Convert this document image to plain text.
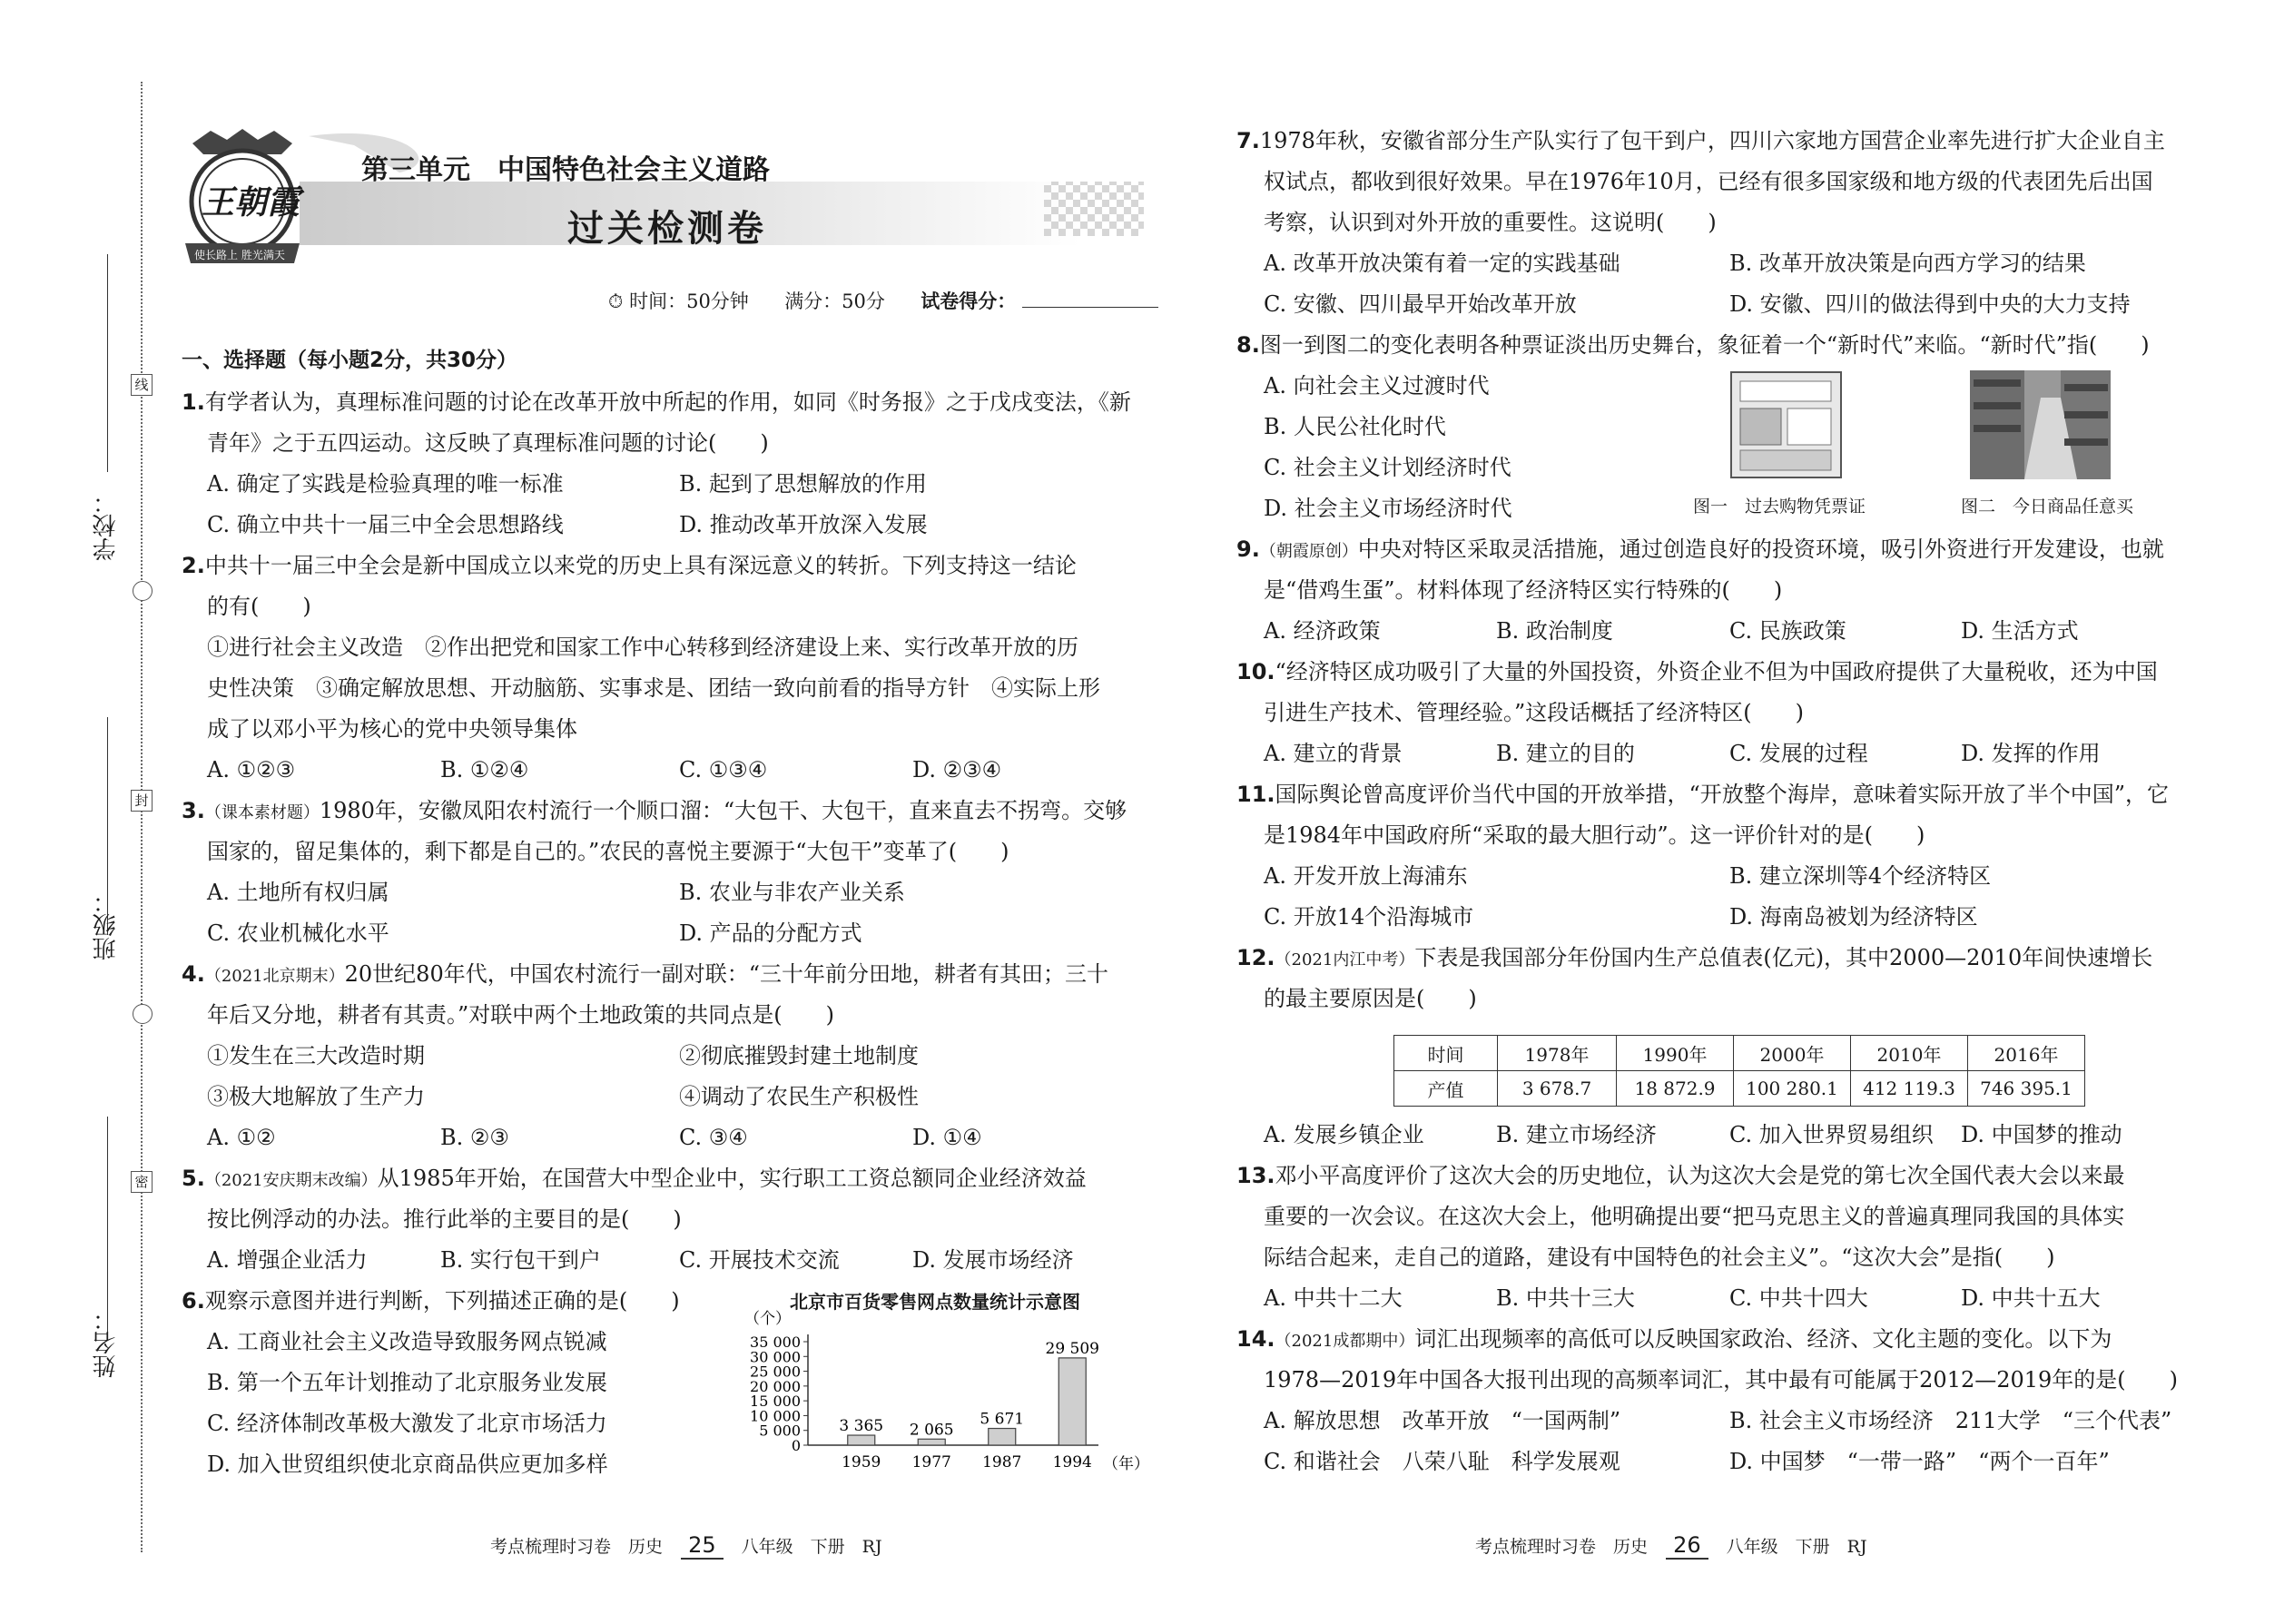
学校：
班级：
姓名：
线
封
密
王朝霞
使长路上 胜光满天
第三单元　中国特色社会主义道路
过关检测卷
⏱ 时间：50分钟 满分：50分 试卷得分：
一、选择题（每小题2分，共30分）
1.有学者认为，真理标准问题的讨论在改革开放中所起的作用，如同《时务报》之于戊戌变法，《新
青年》之于五四运动。这反映了真理标准问题的讨论(　　)
A. 确定了实践是检验真理的唯一标准	B. 起到了思想解放的作用
C. 确立中共十一届三中全会思想路线	D. 推动改革开放深入发展
2.中共十一届三中全会是新中国成立以来党的历史上具有深远意义的转折。下列支持这一结论
的有(　　)
①进行社会主义改造　②作出把党和国家工作中心转移到经济建设上来、实行改革开放的历
史性决策　③确定解放思想、开动脑筋、实事求是、团结一致向前看的指导方针　④实际上形
成了以邓小平为核心的党中央领导集体
A. ①②③	B. ①②④	C. ①③④	D. ②③④
3.（课本素材题）1980年，安徽凤阳农村流行一个顺口溜：“大包干、大包干，直来直去不拐弯。交够
国家的，留足集体的，剩下都是自己的。”农民的喜悦主要源于“大包干”变革了(　　)
A. 土地所有权归属	B. 农业与非农产业关系
C. 农业机械化水平	D. 产品的分配方式
4.（2021北京期末）20世纪80年代，中国农村流行一副对联：“三十年前分田地，耕者有其田；三十
年后又分地，耕者有其责。”对联中两个土地政策的共同点是(　　)
①发生在三大改造时期	②彻底摧毁封建土地制度
③极大地解放了生产力	④调动了农民生产积极性
A. ①②	B. ②③	C. ③④	D. ①④
5.（2021安庆期末改编）从1985年开始，在国营大中型企业中，实行职工工资总额同企业经济效益
按比例浮动的办法。推行此举的主要目的是(　　)
A. 增强企业活力	B. 实行包干到户	C. 开展技术交流	D. 发展市场经济
6.观察示意图并进行判断，下列描述正确的是(　　)
A. 工商业社会主义改造导致服务网点锐减
B. 第一个五年计划推动了北京服务业发展
C. 经济体制改革极大激发了北京市场活力
D. 加入世贸组织使北京商品供应更加多样
北京市百货零售网点数量统计示意图
（个）
（年）
35 000
30 000
25 000
20 000
15 000
10 000
5 000
0
3 365
1959
2 065
1977
5 671
1987
29 509
1994
7.1978年秋，安徽省部分生产队实行了包干到户，四川六家地方国营企业率先进行扩大企业自主
权试点，都收到很好效果。早在1976年10月，已经有很多国家级和地方级的代表团先后出国
考察，认识到对外开放的重要性。这说明(　　)
A. 改革开放决策有着一定的实践基础	B. 改革开放决策是向西方学习的结果
C. 安徽、四川最早开始改革开放	D. 安徽、四川的做法得到中央的大力支持
8.图一到图二的变化表明各种票证淡出历史舞台，象征着一个“新时代”来临。“新时代”指(　　)
A. 向社会主义过渡时代
B. 人民公社化时代
C. 社会主义计划经济时代
D. 社会主义市场经济时代	图一　过去购物凭票证	图二　今日商品任意买
9.（朝霞原创）中央对特区采取灵活措施，通过创造良好的投资环境，吸引外资进行开发建设，也就
是“借鸡生蛋”。材料体现了经济特区实行特殊的(　　)
A. 经济政策	B. 政治制度	C. 民族政策	D. 生活方式
10.“经济特区成功吸引了大量的外国投资，外资企业不但为中国政府提供了大量税收，还为中国
引进生产技术、管理经验。”这段话概括了经济特区(　　)
A. 建立的背景	B. 建立的目的	C. 发展的过程	D. 发挥的作用
11.国际舆论曾高度评价当代中国的开放举措，“开放整个海岸，意味着实际开放了半个中国”，它
是1984年中国政府所“采取的最大胆行动”。这一评价针对的是(　　)
A. 开发开放上海浦东	B. 建立深圳等4个经济特区
C. 开放14个沿海城市	D. 海南岛被划为经济特区
12.（2021内江中考）下表是我国部分年份国内生产总值表(亿元)，其中2000—2010年间快速增长
的最主要原因是(　　)
时间	1978年	1990年	2000年	2010年	2016年
产值	3 678.7	18 872.9	100 280.1	412 119.3	746 395.1
A. 发展乡镇企业	B. 建立市场经济	C. 加入世界贸易组织 D. 中国梦的推动
13.邓小平高度评价了这次大会的历史地位，认为这次大会是党的第七次全国代表大会以来最
重要的一次会议。在这次大会上，他明确提出要“把马克思主义的普遍真理同我国的具体实
际结合起来，走自己的道路，建设有中国特色的社会主义”。“这次大会”是指(　　)
A. 中共十二大	B. 中共十三大	C. 中共十四大	D. 中共十五大
14.（2021成都期中）词汇出现频率的高低可以反映国家政治、经济、文化主题的变化。以下为
1978—2019年中国各大报刊出现的高频率词汇，其中最有可能属于2012—2019年的是(　　)
A. 解放思想　改革开放　“一国两制”	B. 社会主义市场经济　211大学　“三个代表”
C. 和谐社会　八荣八耻　科学发展观	D. 中国梦　“一带一路”　“两个一百年”
考点梳理时习卷　历史 25 八年级　下册　RJ	考点梳理时习卷　历史 26 八年级　下册　RJ
